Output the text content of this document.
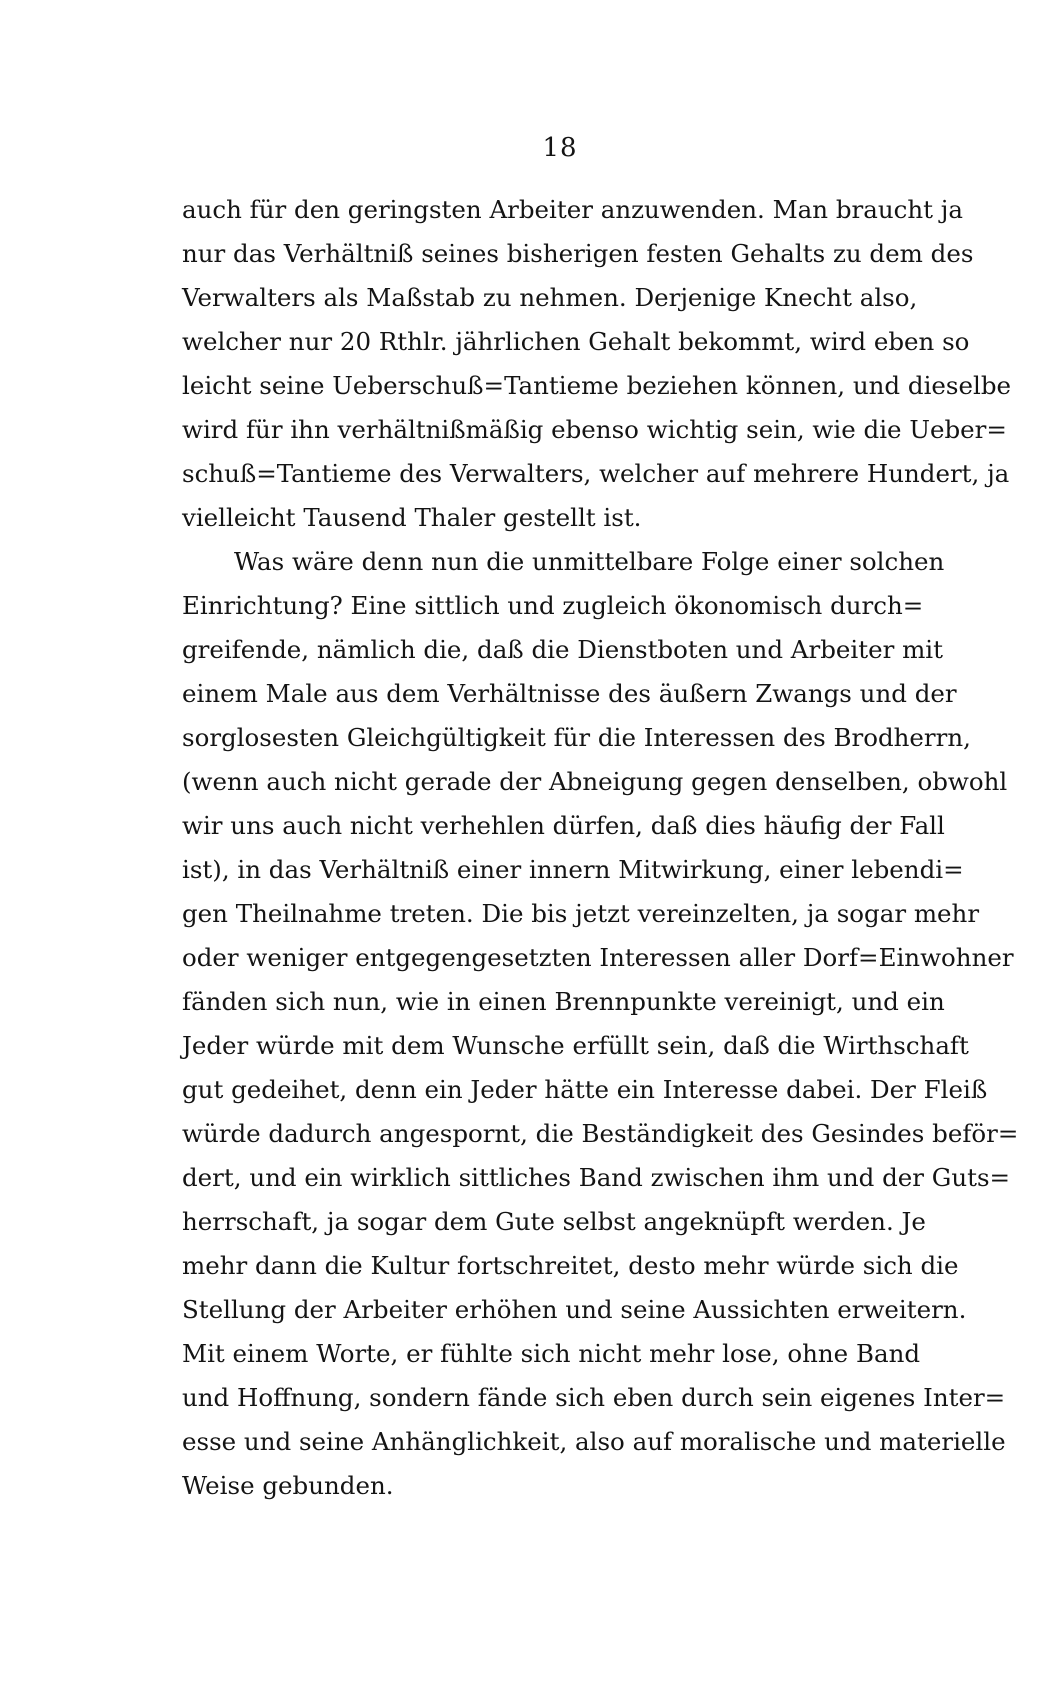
18
auch für den geringsten Arbeiter anzuwenden. Man braucht ja
nur das Verhältniß seines bisherigen festen Gehalts zu dem des
Verwalters als Maßstab zu nehmen. Derjenige Knecht also,
welcher nur 20 Rthlr. jährlichen Gehalt bekommt, wird eben so
leicht seine Ueberschuß=Tantieme beziehen können, und dieselbe
wird für ihn verhältnißmäßig ebenso wichtig sein, wie die Ueber=
schuß=Tantieme des Verwalters, welcher auf mehrere Hundert, ja
vielleicht Tausend Thaler gestellt ist.
Was wäre denn nun die unmittelbare Folge einer solchen
Einrichtung? Eine sittlich und zugleich ökonomisch durch=
greifende, nämlich die, daß die Dienstboten und Arbeiter mit
einem Male aus dem Verhältnisse des äußern Zwangs und der
sorglosesten Gleichgültigkeit für die Interessen des Brodherrn,
(wenn auch nicht gerade der Abneigung gegen denselben, obwohl
wir uns auch nicht verhehlen dürfen, daß dies häufig der Fall
ist), in das Verhältniß einer innern Mitwirkung, einer lebendi=
gen Theilnahme treten. Die bis jetzt vereinzelten, ja sogar mehr
oder weniger entgegengesetzten Interessen aller Dorf=Einwohner
fänden sich nun, wie in einen Brennpunkte vereinigt, und ein
Jeder würde mit dem Wunsche erfüllt sein, daß die Wirthschaft
gut gedeihet, denn ein Jeder hätte ein Interesse dabei. Der Fleiß
würde dadurch angespornt, die Beständigkeit des Gesindes beför=
dert, und ein wirklich sittliches Band zwischen ihm und der Guts=
herrschaft, ja sogar dem Gute selbst angeknüpft werden. Je
mehr dann die Kultur fortschreitet, desto mehr würde sich die
Stellung der Arbeiter erhöhen und seine Aussichten erweitern.
Mit einem Worte, er fühlte sich nicht mehr lose, ohne Band
und Hoffnung, sondern fände sich eben durch sein eigenes Inter=
esse und seine Anhänglichkeit, also auf moralische und materielle
Weise gebunden.
